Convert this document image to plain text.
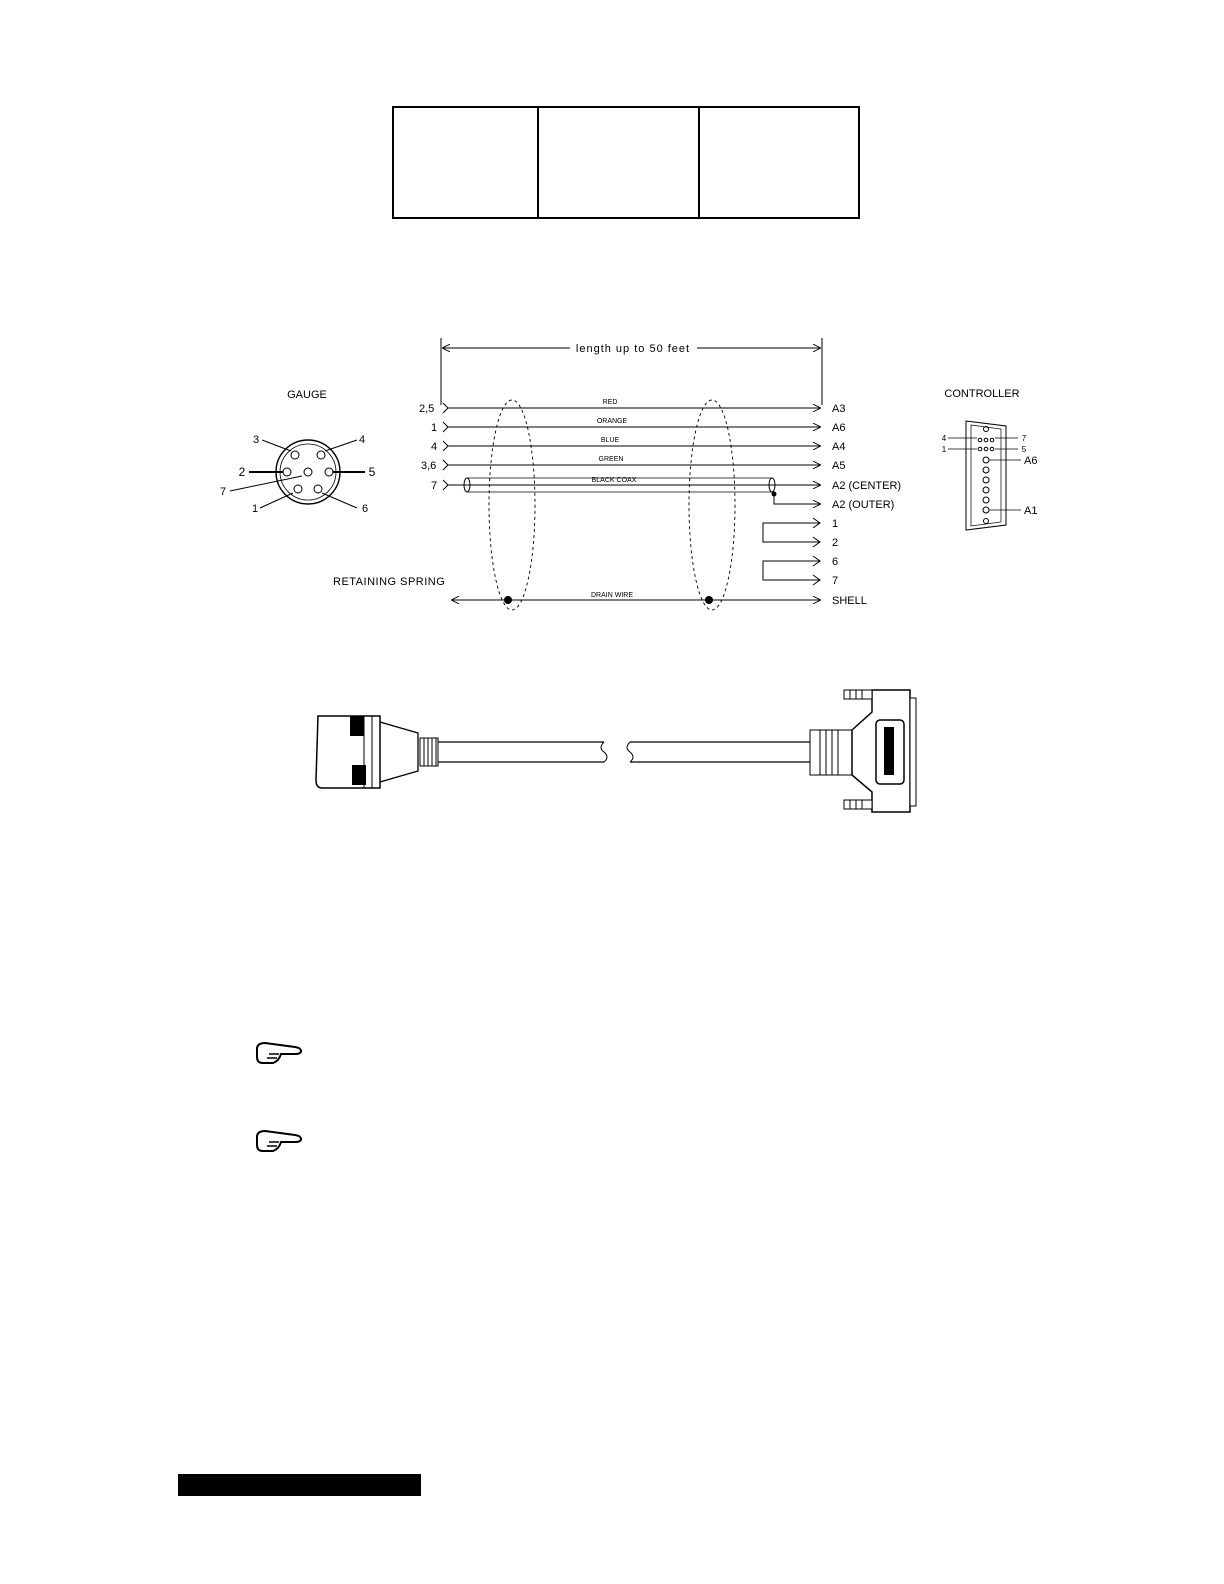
length up to 50 feet
GAUGE
3	4
2	5
7
1	6
2,5
RED
A3
1
ORANGE
A6
4
BLUE
A4
3,6
GREEN
A5
7	BLACK COAX	A2 (CENTER)
A2 (OUTER)
1
2
6
7
RETAINING SPRING
DRAIN WIRE	SHELL
CONTROLLER
4
1
7
5
A6
A1
